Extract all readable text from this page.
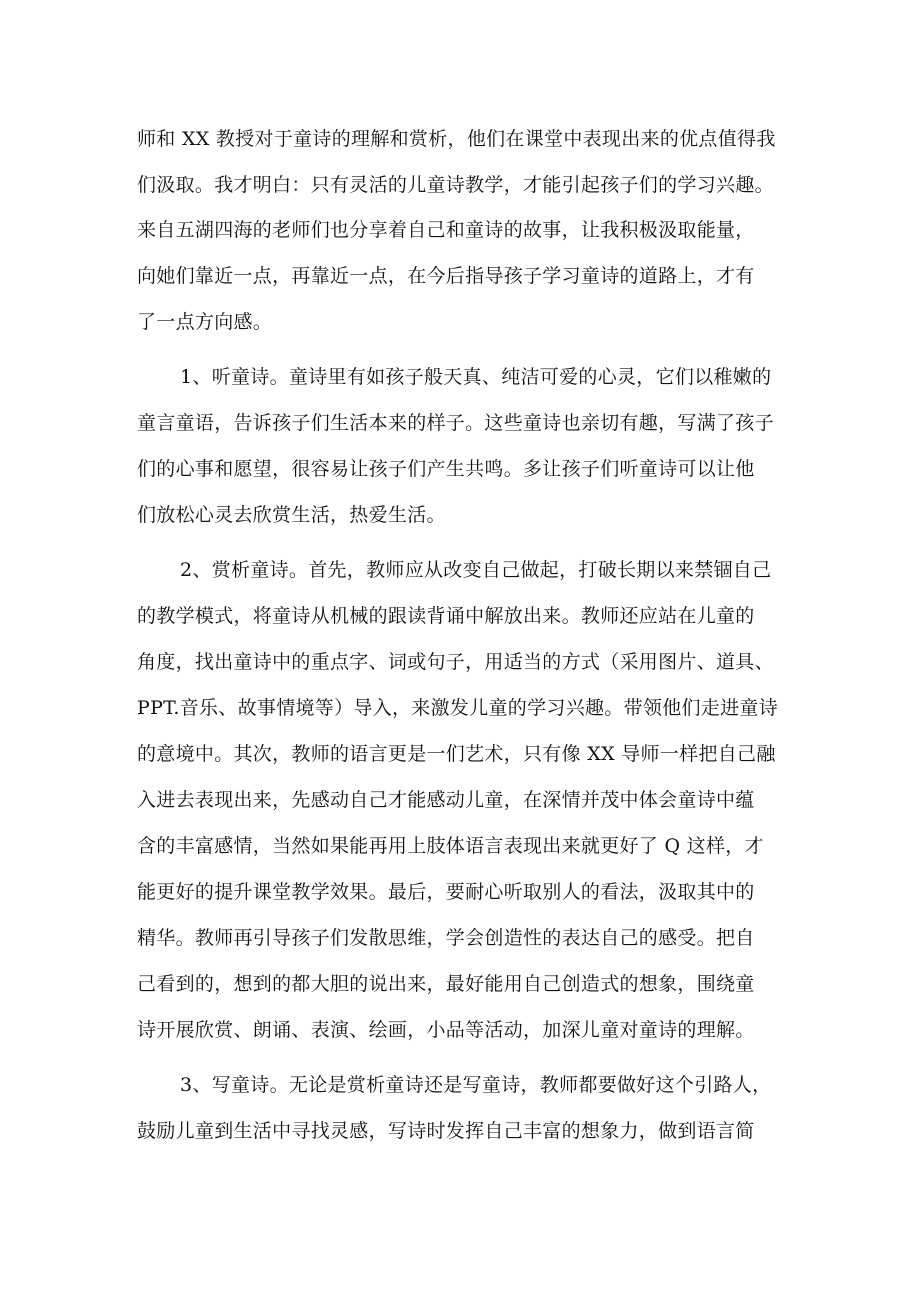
师和 XX 教授对于童诗的理解和赏析，他们在课堂中表现出来的优点值得我
们汲取。我才明白：只有灵活的儿童诗教学，才能引起孩子们的学习兴趣。
来自五湖四海的老师们也分享着自己和童诗的故事，让我积极汲取能量，
向她们靠近一点，再靠近一点，在今后指导孩子学习童诗的道路上，才有
了一点方向感。
1、听童诗。童诗里有如孩子般天真、纯洁可爱的心灵，它们以稚嫩的
童言童语，告诉孩子们生活本来的样子。这些童诗也亲切有趣，写满了孩子
们的心事和愿望，很容易让孩子们产生共鸣。多让孩子们听童诗可以让他
们放松心灵去欣赏生活，热爱生活。
2、赏析童诗。首先，教师应从改变自己做起，打破长期以来禁锢自己
的教学模式，将童诗从机械的跟读背诵中解放出来。教师还应站在儿童的
角度，找出童诗中的重点字、词或句子，用适当的方式（采用图片、道具、
PPT.音乐、故事情境等）导入，来激发儿童的学习兴趣。带领他们走进童诗
的意境中。其次，教师的语言更是一们艺术，只有像 XX 导师一样把自己融
入进去表现出来，先感动自己才能感动儿童，在深情并茂中体会童诗中蕴
含的丰富感情，当然如果能再用上肢体语言表现出来就更好了 Q 这样，才
能更好的提升课堂教学效果。最后，要耐心听取别人的看法，汲取其中的
精华。教师再引导孩子们发散思维，学会创造性的表达自己的感受。把自
己看到的，想到的都大胆的说出来，最好能用自己创造式的想象，围绕童
诗开展欣赏、朗诵、表演、绘画，小品等活动，加深儿童对童诗的理解。
3、写童诗。无论是赏析童诗还是写童诗，教师都要做好这个引路人，
鼓励儿童到生活中寻找灵感，写诗时发挥自己丰富的想象力，做到语言简
